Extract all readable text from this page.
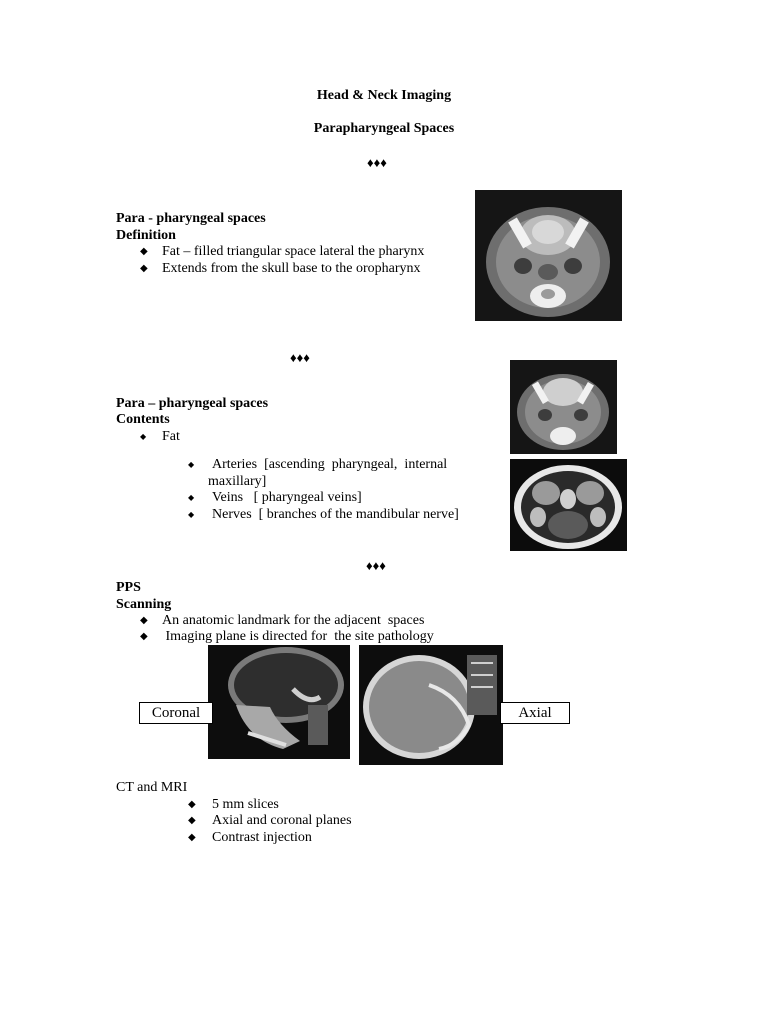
Head & Neck Imaging
Parapharyngeal Spaces
♦♦♦
Para - pharyngeal spaces
Definition
◆ Fat – filled triangular space lateral the pharynx
◆ Extends from the skull base to the oropharynx
♦♦♦
Para – pharyngeal spaces
Contents
◆ Fat
◆ Arteries  [ascending  pharyngeal,  internal
maxillary]
◆ Veins   [ pharyngeal veins]
◆ Nerves  [ branches of the mandibular nerve]
♦♦♦
PPS
Scanning
◆ An anatomic landmark for the adjacent  spaces
◆ Imaging plane is directed for  the site pathology
Coronal	Axial
CT and MRI
◆ 5 mm slices
◆ Axial and coronal planes
◆ Contrast injection
